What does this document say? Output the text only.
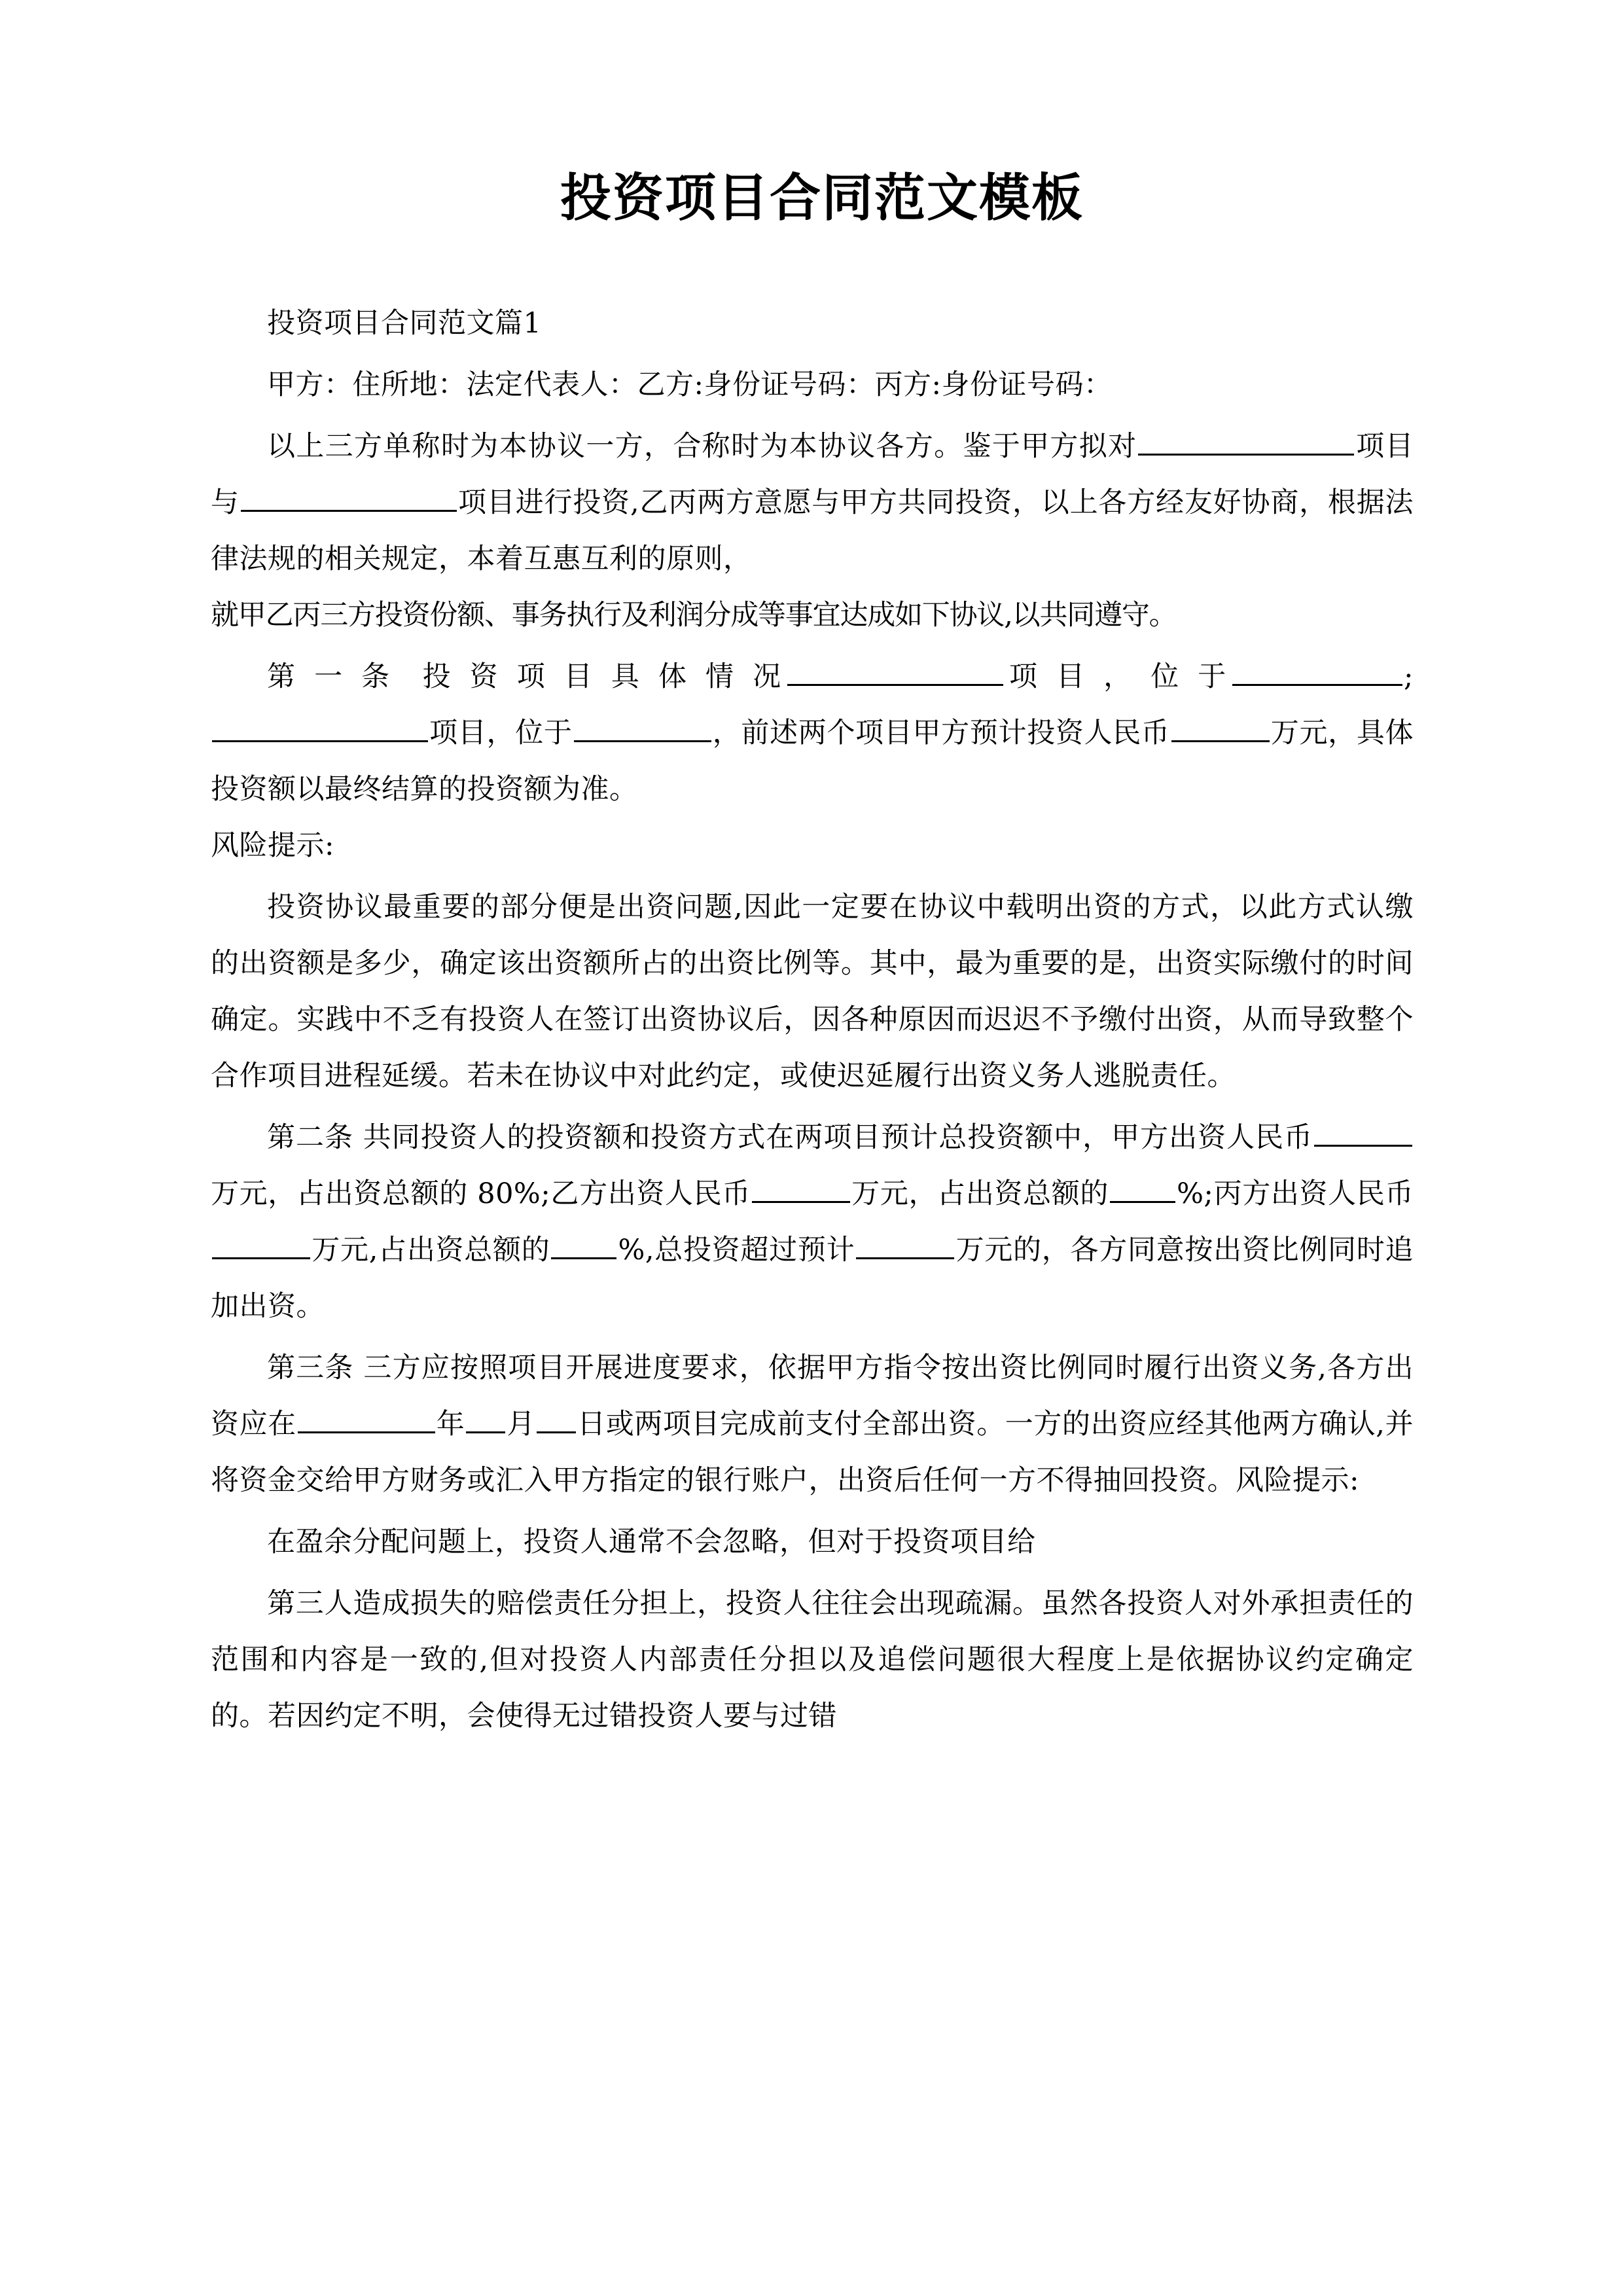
投资项目合同范文模板

投资项目合同范文篇1

甲方：住所地：法定代表人：乙方:身份证号码：丙方:身份证号码：

以上三方单称时为本协议一方，合称时为本协议各方。鉴于甲方拟对	项目与	项目进行投资,乙丙两方意愿与甲方共同投资，以上各方经友好协商，根据法律法规的相关规定，本着互惠互利的原则，

就甲乙丙三方投资份额、事务执行及利润分成等事宜达成如下协议,以共同遵守。

第 一 条 投 资 项 目 具 体 情 况	项 目 ， 位 于	;项目，位于	，前述两个项目甲方预计投资人民币	万元，具体投资额以最终结算的投资额为准。

风险提示:

投资协议最重要的部分便是出资问题,因此一定要在协议中载明出资的方式，以此方式认缴的出资额是多少，确定该出资额所占的出资比例等。其中，最为重要的是，出资实际缴付的时间确定。实践中不乏有投资人在签订出资协议后，因各种原因而迟迟不予缴付出资，从而导致整个合作项目进程延缓。若未在协议中对此约定，或使迟延履行出资义务人逃脱责任。

第二条 共同投资人的投资额和投资方式在两项目预计总投资额中，甲方出资人民币万元，占出资总额的 80%;乙方出资人民币	万元，占出资总额的 %;丙方出资人民币万元,占出资总额的 %,总投资超过预计	万元的，各方同意按出资比例同时追加出资。

第三条 三方应按照项目开展进度要求，依据甲方指令按出资比例同时履行出资义务,各方出资应在	年 月 日或两项目完成前支付全部出资。一方的出资应经其他两方确认,并将资金交给甲方财务或汇入甲方指定的银行账户，出资后任何一方不得抽回投资。风险提示:

在盈余分配问题上，投资人通常不会忽略，但对于投资项目给

第三人造成损失的赔偿责任分担上，投资人往往会出现疏漏。虽然各投资人对外承担责任的范围和内容是一致的,但对投资人内部责任分担以及追偿问题很大程度上是依据协议约定确定的。若因约定不明，会使得无过错投资人要与过错
